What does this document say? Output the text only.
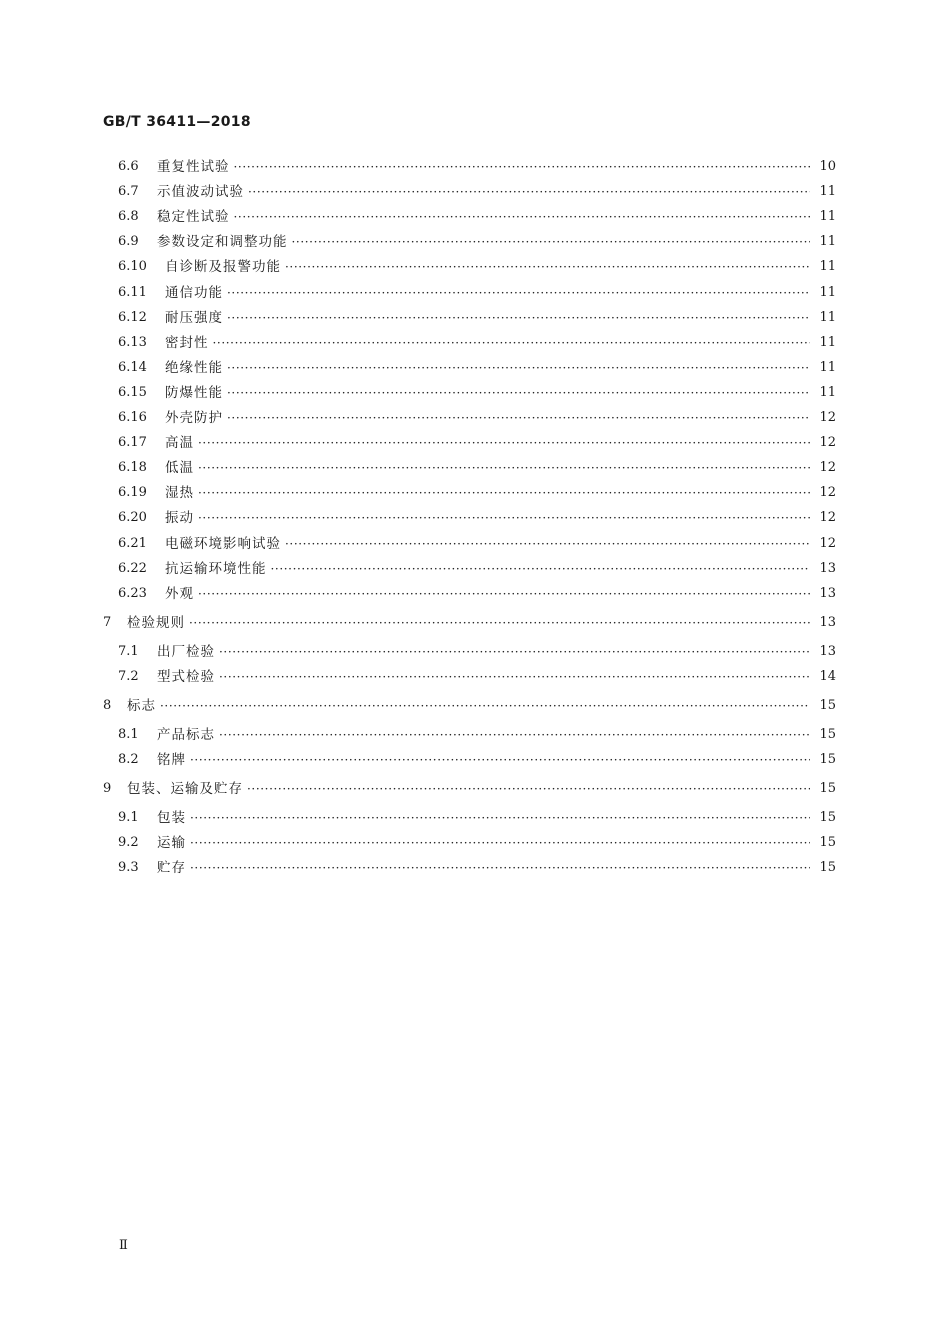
GB/T 36411—2018
6.6	重复性试验 ·····	10
6.7	示值波动试验 ·····	11
6.8	稳定性试验 ·····	11
6.9	参数设定和调整功能 ·····	11
6.10	自诊断及报警功能 ·····	11
6.11	通信功能 ·····	11
6.12	耐压强度 ·····	11
6.13	密封性 ·····	11
6.14	绝缘性能 ·····	11
6.15	防爆性能 ·····	11
6.16	外壳防护 ·····	12
6.17	高温 ·····	12
6.18	低温 ·····	12
6.19	湿热 ·····	12
6.20	振动 ·····	12
6.21	电磁环境影响试验 ·····	12
6.22	抗运输环境性能 ·····	13
6.23	外观 ·····	13
7	检验规则 ·····	13
7.1	出厂检验 ·····	13
7.2	型式检验 ·····	14
8	标志 ·····	15
8.1	产品标志 ·····	15
8.2	铭牌 ·····	15
9	包装、运输及贮存 ·····	15
9.1	包装 ·····	15
9.2	运输 ·····	15
9.3	贮存 ·····	15
Ⅱ
